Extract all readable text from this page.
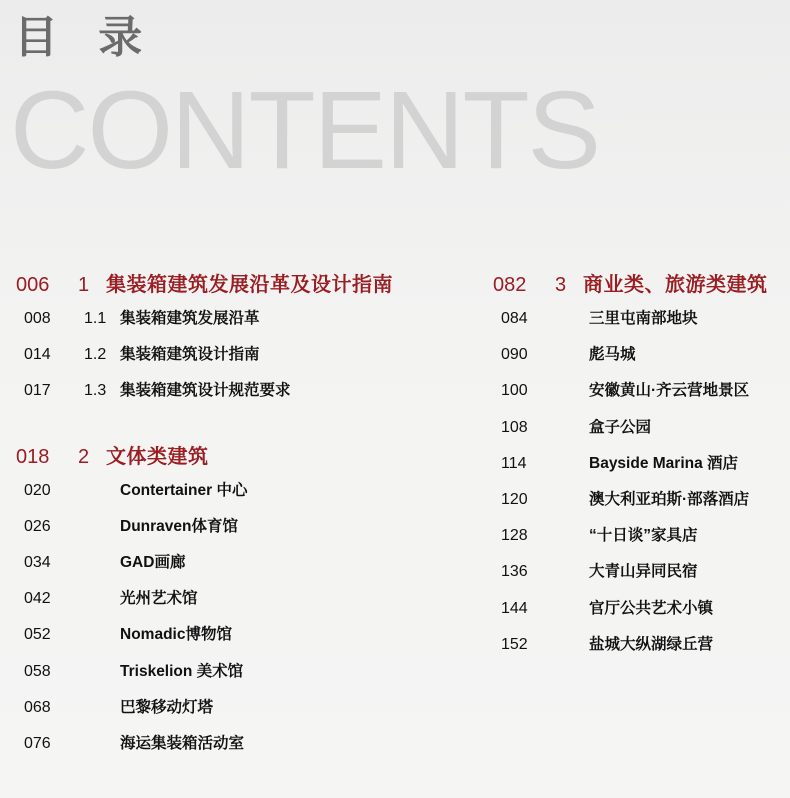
目 录
CONTENTS
006	1 集装箱建筑发展沿革及设计指南
008	1.1 集装箱建筑发展沿革
014	1.2 集装箱建筑设计指南
017	1.3 集装箱建筑设计规范要求
018	2 文体类建筑
020	Contertainer 中心
026	Dunraven体育馆
034	GAD画廊
042	光州艺术馆
052	Nomadic博物馆
058	Triskelion 美术馆
068	巴黎移动灯塔
076	海运集装箱活动室
082	3 商业类、旅游类建筑
084	三里屯南部地块
090	彪马城
100	安徽黄山·齐云营地景区
108	盒子公园
114	Bayside Marina 酒店
120	澳大利亚珀斯·部落酒店
128	“十日谈”家具店
136	大青山异同民宿
144	官厅公共艺术小镇
152	盐城大纵湖绿丘营
